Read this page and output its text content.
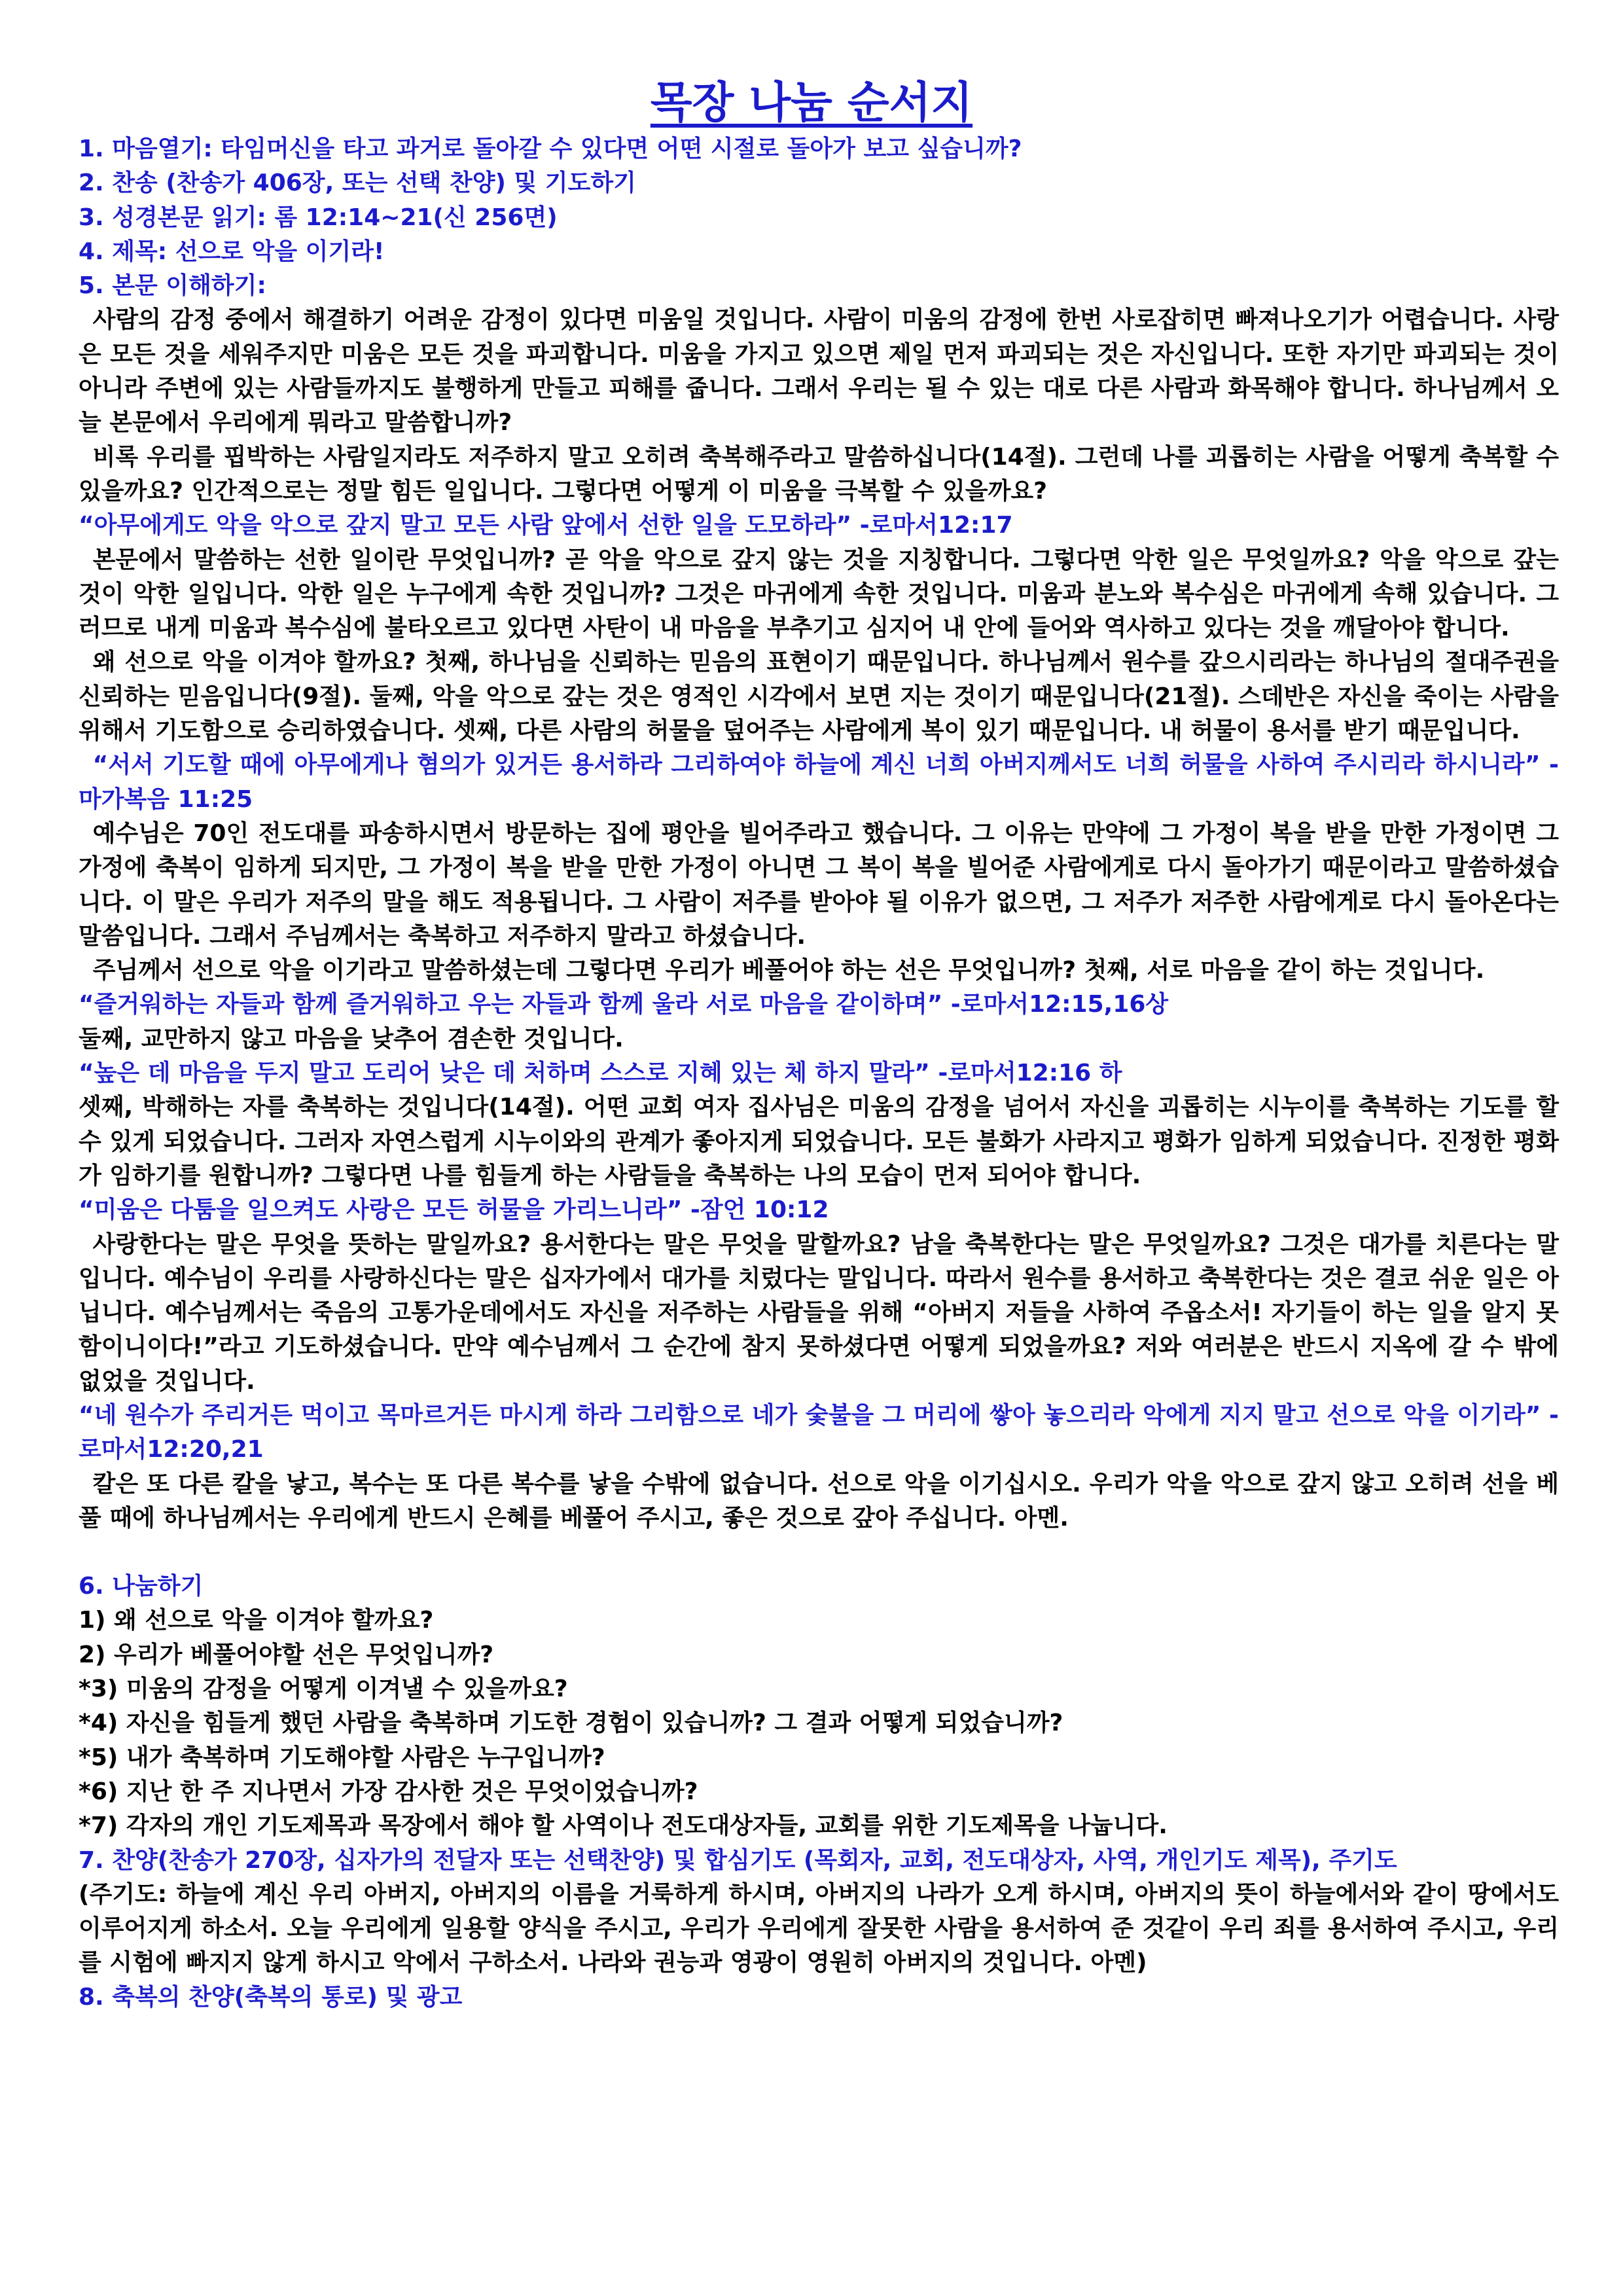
목장 나눔 순서지

1. 마음열기: 타임머신을 타고 과거로 돌아갈 수 있다면 어떤 시절로 돌아가 보고 싶습니까?

2. 찬송 (찬송가 406장, 또는 선택 찬양) 및 기도하기

3. 성경본문 읽기: 롬 12:14~21(신 256면)

4. 제목: 선으로 악을 이기라!

5. 본문 이해하기:

사람의 감정 중에서 해결하기 어려운 감정이 있다면 미움일 것입니다. 사람이 미움의 감정에 한번 사로잡히면 빠져나오기가 어렵습니다. 사랑은 모든 것을 세워주지만 미움은 모든 것을 파괴합니다. 미움을 가지고 있으면 제일 먼저 파괴되는 것은 자신입니다. 또한 자기만 파괴되는 것이 아니라 주변에 있는 사람들까지도 불행하게 만들고 피해를 줍니다. 그래서 우리는 될 수 있는 대로 다른 사람과 화목해야 합니다. 하나님께서 오늘 본문에서 우리에게 뭐라고 말씀합니까?

비록 우리를 핍박하는 사람일지라도 저주하지 말고 오히려 축복해주라고 말씀하십니다(14절). 그런데 나를 괴롭히는 사람을 어떻게 축복할 수 있을까요? 인간적으로는 정말 힘든 일입니다. 그렇다면 어떻게 이 미움을 극복할 수 있을까요?

“아무에게도 악을 악으로 갚지 말고 모든 사람 앞에서 선한 일을 도모하라” -로마서12:17

본문에서 말씀하는 선한 일이란 무엇입니까? 곧 악을 악으로 갚지 않는 것을 지칭합니다. 그렇다면 악한 일은 무엇일까요? 악을 악으로 갚는 것이 악한 일입니다. 악한 일은 누구에게 속한 것입니까? 그것은 마귀에게 속한 것입니다. 미움과 분노와 복수심은 마귀에게 속해 있습니다. 그러므로 내게 미움과 복수심에 불타오르고 있다면 사탄이 내 마음을 부추기고 심지어 내 안에 들어와 역사하고 있다는 것을 깨달아야 합니다.

왜 선으로 악을 이겨야 할까요? 첫째, 하나님을 신뢰하는 믿음의 표현이기 때문입니다. 하나님께서 원수를 갚으시리라는 하나님의 절대주권을 신뢰하는 믿음입니다(9절). 둘째, 악을 악으로 갚는 것은 영적인 시각에서 보면 지는 것이기 때문입니다(21절). 스데반은 자신을 죽이는 사람을 위해서 기도함으로 승리하였습니다. 셋째, 다른 사람의 허물을 덮어주는 사람에게 복이 있기 때문입니다. 내 허물이 용서를 받기 때문입니다.

“서서 기도할 때에 아무에게나 혐의가 있거든 용서하라 그리하여야 하늘에 계신 너희 아버지께서도 너희 허물을 사하여 주시리라 하시니라” -마가복음 11:25

예수님은 70인 전도대를 파송하시면서 방문하는 집에 평안을 빌어주라고 했습니다. 그 이유는 만약에 그 가정이 복을 받을 만한 가정이면 그 가정에 축복이 임하게 되지만, 그 가정이 복을 받을 만한 가정이 아니면 그 복이 복을 빌어준 사람에게로 다시 돌아가기 때문이라고 말씀하셨습니다. 이 말은 우리가 저주의 말을 해도 적용됩니다. 그 사람이 저주를 받아야 될 이유가 없으면, 그 저주가 저주한 사람에게로 다시 돌아온다는 말씀입니다. 그래서 주님께서는 축복하고 저주하지 말라고 하셨습니다.

주님께서 선으로 악을 이기라고 말씀하셨는데 그렇다면 우리가 베풀어야 하는 선은 무엇입니까? 첫째, 서로 마음을 같이 하는 것입니다.

“즐거워하는 자들과 함께 즐거워하고 우는 자들과 함께 울라 서로 마음을 같이하며” -로마서12:15,16상

둘째, 교만하지 않고 마음을 낮추어 겸손한 것입니다.

“높은 데 마음을 두지 말고 도리어 낮은 데 처하며 스스로 지혜 있는 체 하지 말라” -로마서12:16 하

셋째, 박해하는 자를 축복하는 것입니다(14절). 어떤 교회 여자 집사님은 미움의 감정을 넘어서 자신을 괴롭히는 시누이를 축복하는 기도를 할 수 있게 되었습니다. 그러자 자연스럽게 시누이와의 관계가 좋아지게 되었습니다. 모든 불화가 사라지고 평화가 임하게 되었습니다. 진정한 평화가 임하기를 원합니까? 그렇다면 나를 힘들게 하는 사람들을 축복하는 나의 모습이 먼저 되어야 합니다.

“미움은 다툼을 일으켜도 사랑은 모든 허물을 가리느니라” -잠언 10:12

사랑한다는 말은 무엇을 뜻하는 말일까요? 용서한다는 말은 무엇을 말할까요? 남을 축복한다는 말은 무엇일까요? 그것은 대가를 치른다는 말입니다. 예수님이 우리를 사랑하신다는 말은 십자가에서 대가를 치렀다는 말입니다. 따라서 원수를 용서하고 축복한다는 것은 결코 쉬운 일은 아닙니다. 예수님께서는 죽음의 고통가운데에서도 자신을 저주하는 사람들을 위해 “아버지 저들을 사하여 주옵소서! 자기들이 하는 일을 알지 못함이니이다!”라고 기도하셨습니다. 만약 예수님께서 그 순간에 참지 못하셨다면 어떻게 되었을까요? 저와 여러분은 반드시 지옥에 갈 수 밖에 없었을 것입니다.

“네 원수가 주리거든 먹이고 목마르거든 마시게 하라 그리함으로 네가 숯불을 그 머리에 쌓아 놓으리라 악에게 지지 말고 선으로 악을 이기라” -로마서12:20,21

칼은 또 다른 칼을 낳고, 복수는 또 다른 복수를 낳을 수밖에 없습니다. 선으로 악을 이기십시오. 우리가 악을 악으로 갚지 않고 오히려 선을 베풀 때에 하나님께서는 우리에게 반드시 은혜를 베풀어 주시고, 좋은 것으로 갚아 주십니다. 아멘.

6. 나눔하기

1) 왜 선으로 악을 이겨야 할까요?

2) 우리가 베풀어야할 선은 무엇입니까?

*3) 미움의 감정을 어떻게 이겨낼 수 있을까요?

*4) 자신을 힘들게 했던 사람을 축복하며 기도한 경험이 있습니까? 그 결과 어떻게 되었습니까?

*5) 내가 축복하며 기도해야할 사람은 누구입니까?

*6) 지난 한 주 지나면서 가장 감사한 것은 무엇이었습니까?

*7) 각자의 개인 기도제목과 목장에서 해야 할 사역이나 전도대상자들, 교회를 위한 기도제목을 나눕니다.

7. 찬양(찬송가 270장, 십자가의 전달자 또는 선택찬양) 및 합심기도 (목회자, 교회, 전도대상자, 사역, 개인기도 제목), 주기도

(주기도: 하늘에 계신 우리 아버지, 아버지의 이름을 거룩하게 하시며, 아버지의 나라가 오게 하시며, 아버지의 뜻이 하늘에서와 같이 땅에서도 이루어지게 하소서. 오늘 우리에게 일용할 양식을 주시고, 우리가 우리에게 잘못한 사람을 용서하여 준 것같이 우리 죄를 용서하여 주시고, 우리를 시험에 빠지지 않게 하시고 악에서 구하소서. 나라와 권능과 영광이 영원히 아버지의 것입니다. 아멘)

8. 축복의 찬양(축복의 통로) 및 광고
